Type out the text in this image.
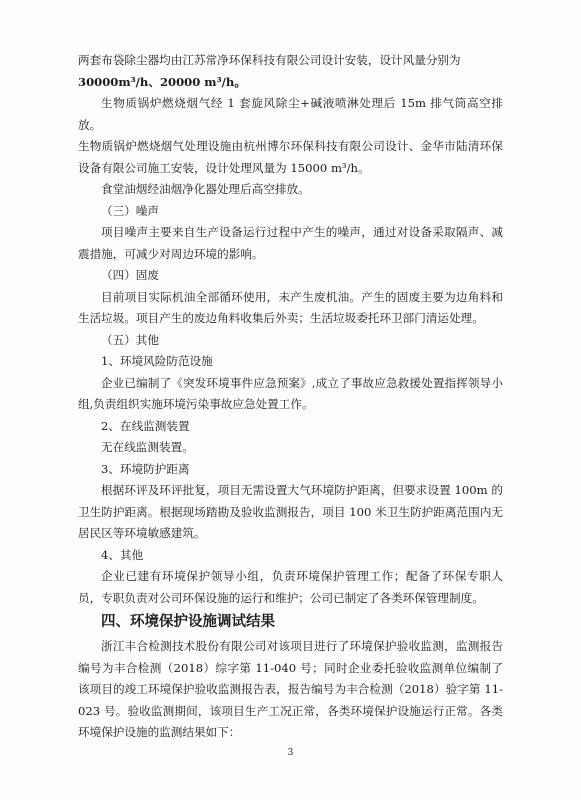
两套布袋除尘器均由江苏常净环保科技有限公司设计安装，设计风量分别为

30000m³/h、20000 m³/h。

生物质锅炉燃烧烟气经 1 套旋风除尘+碱液喷淋处理后 15m 排气筒高空排放。

生物质锅炉燃烧烟气处理设施由杭州博尔环保科技有限公司设计、金华市陆清环保设备有限公司施工安装，设计处理风量为 15000 m³/h。

食堂油烟经油烟净化器处理后高空排放。

（三）噪声

项目噪声主要来自生产设备运行过程中产生的噪声，通过对设备采取隔声、减震措施，可减少对周边环境的影响。

（四）固废

目前项目实际机油全部循环使用，未产生废机油。产生的固废主要为边角料和生活垃圾。项目产生的废边角料收集后外卖；生活垃圾委托环卫部门清运处理。

（五）其他

1、环境风险防范设施

企业已编制了《突发环境事件应急预案》,成立了事故应急救援处置指挥领导小组,负责组织实施环境污染事故应急处置工作。

2、在线监测装置

无在线监测装置。

3、环境防护距离

根据环评及环评批复，项目无需设置大气环境防护距离，但要求设置 100m 的卫生防护距离。根据现场踏勘及验收监测报告，项目 100 米卫生防护距离范围内无居民区等环境敏感建筑。

4、其他

企业已建有环境保护领导小组，负责环境保护管理工作；配备了环保专职人员，专职负责对公司环保设施的运行和维护；公司已制定了各类环保管理制度。

四、环境保护设施调试结果

浙江丰合检测技术股份有限公司对该项目进行了环境保护验收监测，监测报告编号为丰合检测（2018）综字第 11-040 号；同时企业委托验收监测单位编制了该项目的竣工环境保护验收监测报告表，报告编号为丰合检测（2018）验字第 11-023 号。验收监测期间，该项目生产工况正常，各类环境保护设施运行正常。各类环境保护设施的监测结果如下：

3
